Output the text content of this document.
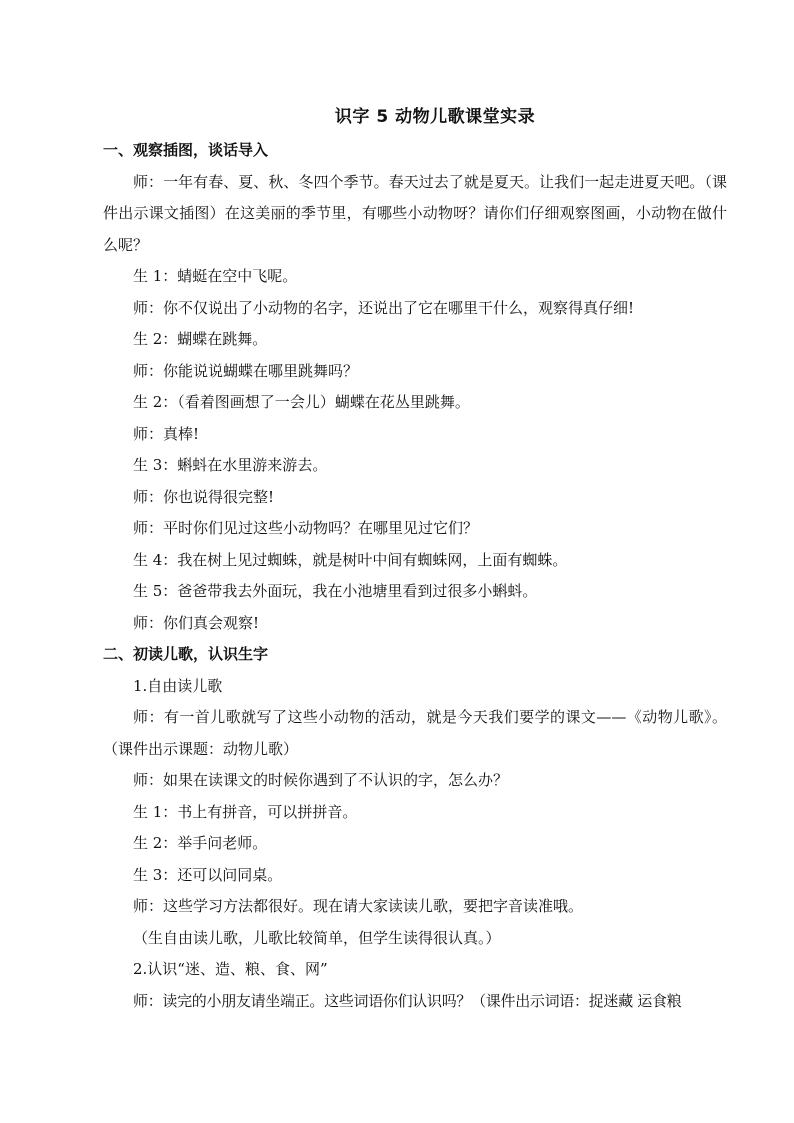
识字 5 动物儿歌课堂实录

一、观察插图，谈话导入

师：一年有春、夏、秋、冬四个季节。春天过去了就是夏天。让我们一起走进夏天吧。（课件出示课文插图）在这美丽的季节里，有哪些小动物呀？请你们仔细观察图画，小动物在做什么呢？

生 1：蜻蜓在空中飞呢。

师：你不仅说出了小动物的名字，还说出了它在哪里干什么，观察得真仔细!

生 2：蝴蝶在跳舞。

师：你能说说蝴蝶在哪里跳舞吗？

生 2：（看着图画想了一会儿）蝴蝶在花丛里跳舞。

师：真棒!

生 3：蝌蚪在水里游来游去。

师：你也说得很完整!

师：平时你们见过这些小动物吗？在哪里见过它们？

生 4：我在树上见过蜘蛛，就是树叶中间有蜘蛛网，上面有蜘蛛。

生 5：爸爸带我去外面玩，我在小池塘里看到过很多小蝌蚪。

师：你们真会观察!

二、初读儿歌，认识生字

1.自由读儿歌

师：有一首儿歌就写了这些小动物的活动，就是今天我们要学的课文——《动物儿歌》。（课件出示课题：动物儿歌）

师：如果在读课文的时候你遇到了不认识的字，怎么办？

生 1：书上有拼音，可以拼拼音。

生 2：举手问老师。

生 3：还可以问同桌。

师：这些学习方法都很好。现在请大家读读儿歌，要把字音读准哦。

（生自由读儿歌，儿歌比较简单，但学生读得很认真。）

2.认识“迷、造、粮、食、网”

师：读完的小朋友请坐端正。这些词语你们认识吗？（课件出示词语：捉迷藏 运食粮
